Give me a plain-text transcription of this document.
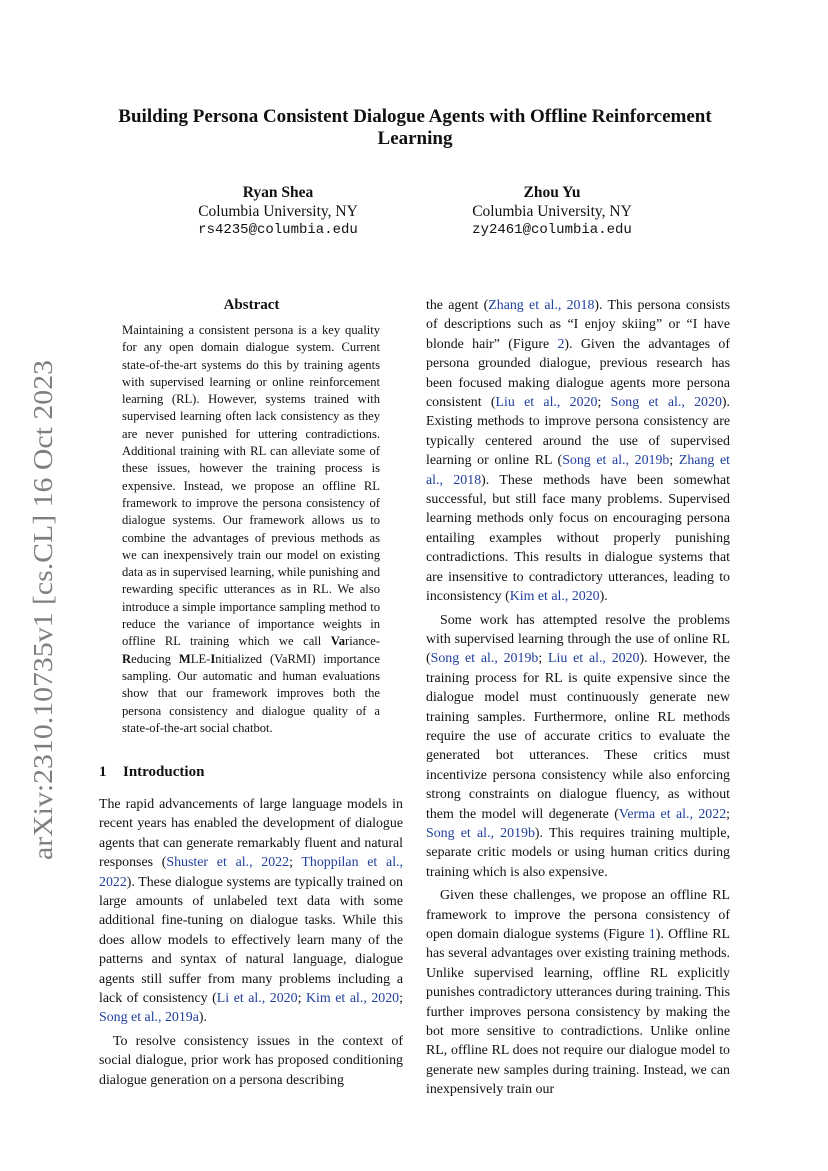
arXiv:2310.10735v1 [cs.CL] 16 Oct 2023
Building Persona Consistent Dialogue Agents with Offline Reinforcement Learning
Ryan Shea
Columbia University, NY
rs4235@columbia.edu
Zhou Yu
Columbia University, NY
zy2461@columbia.edu
Abstract

Maintaining a consistent persona is a key quality for any open domain dialogue system. Current state-of-the-art systems do this by training agents with supervised learning or online reinforcement learning (RL). However, systems trained with supervised learning often lack consistency as they are never punished for uttering contradictions. Additional training with RL can alleviate some of these issues, however the training process is expensive. Instead, we propose an offline RL framework to improve the persona consistency of dialogue systems. Our framework allows us to combine the advantages of previous methods as we can inexpensively train our model on existing data as in supervised learning, while punishing and rewarding specific utterances as in RL. We also introduce a simple importance sampling method to reduce the variance of importance weights in offline RL training which we call Variance-Reducing MLE-Initialized (VaRMI) importance sampling. Our automatic and human evaluations show that our framework improves both the persona consistency and dialogue quality of a state-of-the-art social chatbot.

1 Introduction

The rapid advancements of large language models in recent years has enabled the development of dialogue agents that can generate remarkably fluent and natural responses (Shuster et al., 2022; Thoppilan et al., 2022). These dialogue systems are typically trained on large amounts of unlabeled text data with some additional fine-tuning on dialogue tasks. While this does allow models to effectively learn many of the patterns and syntax of natural language, dialogue agents still suffer from many problems including a lack of consistency (Li et al., 2020; Kim et al., 2020; Song et al., 2019a).

To resolve consistency issues in the context of social dialogue, prior work has proposed conditioning dialogue generation on a persona describing

the agent (Zhang et al., 2018). This persona consists of descriptions such as “I enjoy skiing” or “I have blonde hair” (Figure 2). Given the advantages of persona grounded dialogue, previous research has been focused making dialogue agents more persona consistent (Liu et al., 2020; Song et al., 2020). Existing methods to improve persona consistency are typically centered around the use of supervised learning or online RL (Song et al., 2019b; Zhang et al., 2018). These methods have been somewhat successful, but still face many problems. Supervised learning methods only focus on encouraging persona entailing examples without properly punishing contradictions. This results in dialogue systems that are insensitive to contradictory utterances, leading to inconsistency (Kim et al., 2020).

Some work has attempted resolve the problems with supervised learning through the use of online RL (Song et al., 2019b; Liu et al., 2020). However, the training process for RL is quite expensive since the dialogue model must continuously generate new training samples. Furthermore, online RL methods require the use of accurate critics to evaluate the generated bot utterances. These critics must incentivize persona consistency while also enforcing strong constraints on dialogue fluency, as without them the model will degenerate (Verma et al., 2022; Song et al., 2019b). This requires training multiple, separate critic models or using human critics during training which is also expensive.

Given these challenges, we propose an offline RL framework to improve the persona consistency of open domain dialogue systems (Figure 1). Offline RL has several advantages over existing training methods. Unlike supervised learning, offline RL explicitly punishes contradictory utterances during training. This further improves persona consistency by making the bot more sensitive to contradictions. Unlike online RL, offline RL does not require our dialogue model to generate new samples during training. Instead, we can inexpensively train our
